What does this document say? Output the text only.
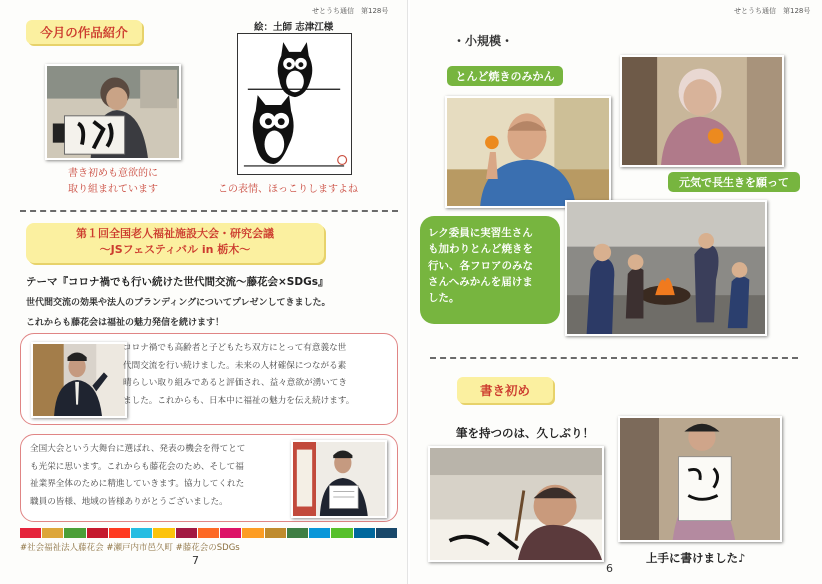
せとうち通信　第128号
今月の作品紹介
書き初めも意欲的に
取り組まれています
絵：土師 志津江様
この表情、ほっこりしますよね
第１回全国老人福祉施設大会・研究会議
～JSフェスティバル in 栃木～
テーマ『コロナ禍でも行い続けた世代間交流～藤花会×SDGs』
世代間交流の効果や法人のブランディングについてプレゼンしてきました。
これからも藤花会は福祉の魅力発信を続けます！
コロナ禍でも高齢者と子どもたち双方にとって有意義な世
代間交流を行い続けました。未来の人材確保につながる素
晴らしい取り組みであると評価され、益々意欲が湧いてき
ました。これからも、日本中に福祉の魅力を伝え続けます。
全国大会という大舞台に選ばれ、発表の機会を得てとて
も光栄に思います。これからも藤花会のため、そして福
祉業界全体のために精進していきます。協力してくれた
職員の皆様、地域の皆様ありがとうございました。
#社会福祉法人藤花会 #瀬戸内市邑久町 #藤花会のSDGs
7
せとうち通信　第128号
・小規模・
とんど焼きのみかん
元気で長生きを願って
レク委員に実習生さん
も加わりとんど焼きを
行い、各フロアのみな
さんへみかんを届けま
した。
書き初め
筆を持つのは、久しぶり！
上手に書けました♪
6
